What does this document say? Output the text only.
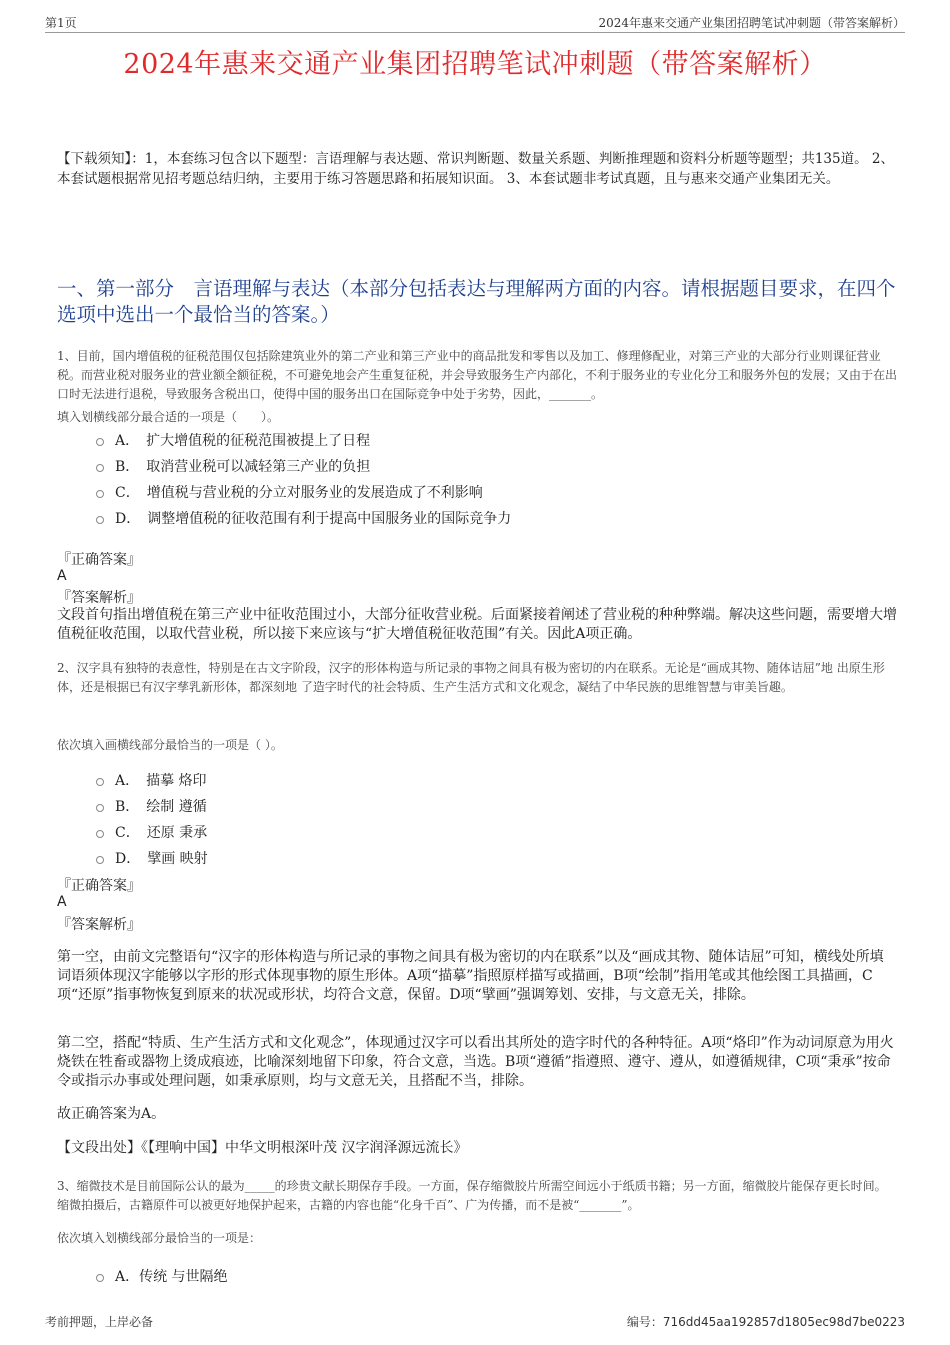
第1页	2024年惠来交通产业集团招聘笔试冲刺题（带答案解析）
2024年惠来交通产业集团招聘笔试冲刺题（带答案解析）
【下载须知】：1，本套练习包含以下题型：言语理解与表达题、常识判断题、数量关系题、判断推理题和资料分析题等题型；共135道。 2、本套试题根据常见招考题总结归纳，主要用于练习答题思路和拓展知识面。 3、本套试题非考试真题，且与惠来交通产业集团无关。
一、第一部分　言语理解与表达（本部分包括表达与理解两方面的内容。请根据题目要求，在四个选项中选出一个最恰当的答案。）
1、目前，国内增值税的征税范围仅包括除建筑业外的第二产业和第三产业中的商品批发和零售以及加工、修理修配业，对第三产业的大部分行业则课征营业税。而营业税对服务业的营业额全额征税，不可避免地会产生重复征税，并会导致服务生产内部化，不利于服务业的专业化分工和服务外包的发展；又由于在出口时无法进行退税，导致服务含税出口，使得中国的服务出口在国际竞争中处于劣势，因此，_______。
填入划横线部分最合适的一项是（　　）。
A．　扩大增值税的征税范围被提上了日程
B．　取消营业税可以减轻第三产业的负担
C．　增值税与营业税的分立对服务业的发展造成了不利影响
D．　调整增值税的征收范围有利于提高中国服务业的国际竞争力
『正确答案』
A
『答案解析』
文段首句指出增值税在第三产业中征收范围过小，大部分征收营业税。后面紧接着阐述了营业税的种种弊端。解决这些问题，需要增大增值税征收范围，以取代营业税，所以接下来应该与“扩大增值税征收范围”有关。因此A项正确。
2、汉字具有独特的表意性，特别是在古文字阶段，汉字的形体构造与所记录的事物之间具有极为密切的内在联系。无论是“画成其物、随体诘屈”地 出原生形体，还是根据已有汉字孳乳新形体，都深刻地 了造字时代的社会特质、生产生活方式和文化观念，凝结了中华民族的思维智慧与审美旨趣。
依次填入画横线部分最恰当的一项是（ ）。
A．　描摹 烙印
B．　绘制 遵循
C．　还原 秉承
D．　擘画 映射
『正确答案』
A
『答案解析』
第一空，由前文完整语句“汉字的形体构造与所记录的事物之间具有极为密切的内在联系”以及“画成其物、随体诘屈”可知，横线处所填词语须体现汉字能够以字形的形式体现事物的原生形体。A项“描摹”指照原样描写或描画，B项“绘制”指用笔或其他绘图工具描画，C项“还原”指事物恢复到原来的状况或形状，均符合文意，保留。D项“擘画”强调筹划、安排，与文意无关，排除。
第二空，搭配“特质、生产生活方式和文化观念”，体现通过汉字可以看出其所处的造字时代的各种特征。A项“烙印”作为动词原意为用火烧铁在牲畜或器物上烫成痕迹，比喻深刻地留下印象，符合文意，当选。B项“遵循”指遵照、遵守、遵从，如遵循规律，C项“秉承”按命令或指示办事或处理问题，如秉承原则，均与文意无关，且搭配不当，排除。
故正确答案为A。
【文段出处】《【理响中国】中华文明根深叶茂 汉字润泽源远流长》
3、缩微技术是目前国际公认的最为_____的珍贵文献长期保存手段。一方面，保存缩微胶片所需空间远小于纸质书籍；另一方面，缩微胶片能保存更长时间。缩微拍摄后，古籍原件可以被更好地保护起来，古籍的内容也能“化身千百”、广为传播，而不是被“_______”。
依次填入划横线部分最恰当的一项是：
A．传统 与世隔绝
考前押题，上岸必备	编号：716dd45aa192857d1805ec98d7be0223
